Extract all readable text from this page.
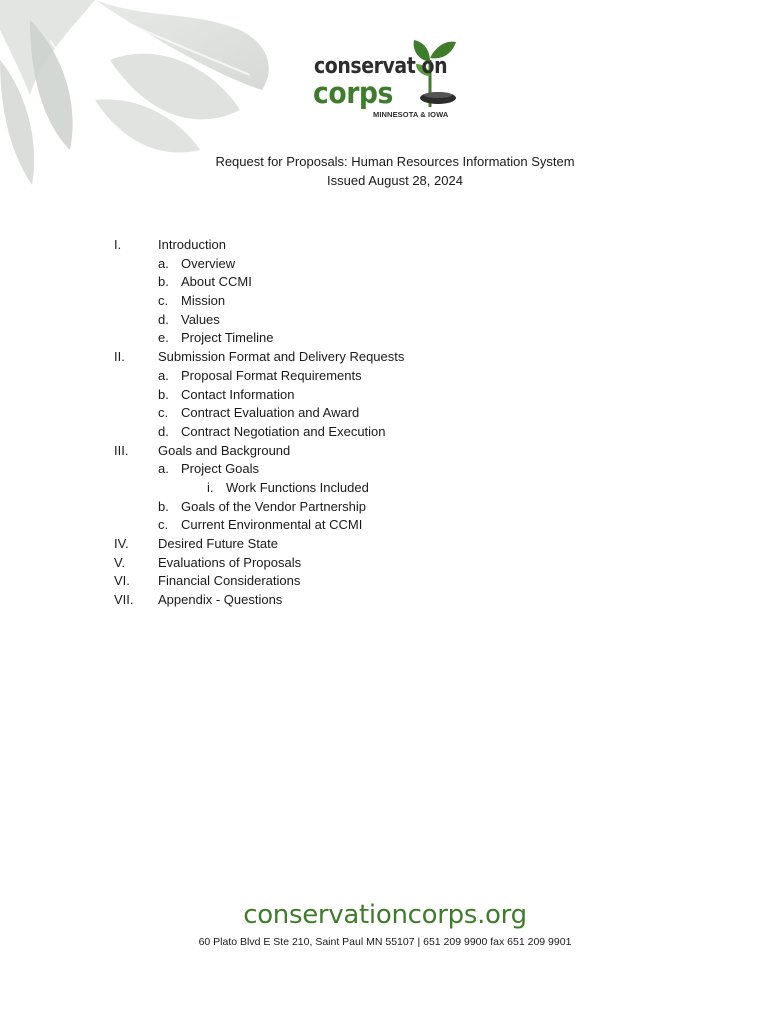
conservat on
corps
MINNESOTA & IOWA
Request for Proposals: Human Resources Information System
Issued August 28, 2024
I.	Introduction
a. Overview
b. About CCMI
c. Mission
d. Values
e. Project Timeline
II.	Submission Format and Delivery Requests
a. Proposal Format Requirements
b. Contact Information
c. Contract Evaluation and Award
d. Contract Negotiation and Execution
III. Goals and Background
a. Project Goals
i. Work Functions Included
b. Goals of the Vendor Partnership
c. Current Environmental at CCMI
IV. Desired Future State
V.	Evaluations of Proposals
VI. Financial Considerations
VII. Appendix - Questions
conservationcorps.org
60 Plato Blvd E Ste 210, Saint Paul MN 55107 | 651 209 9900 fax 651 209 9901
